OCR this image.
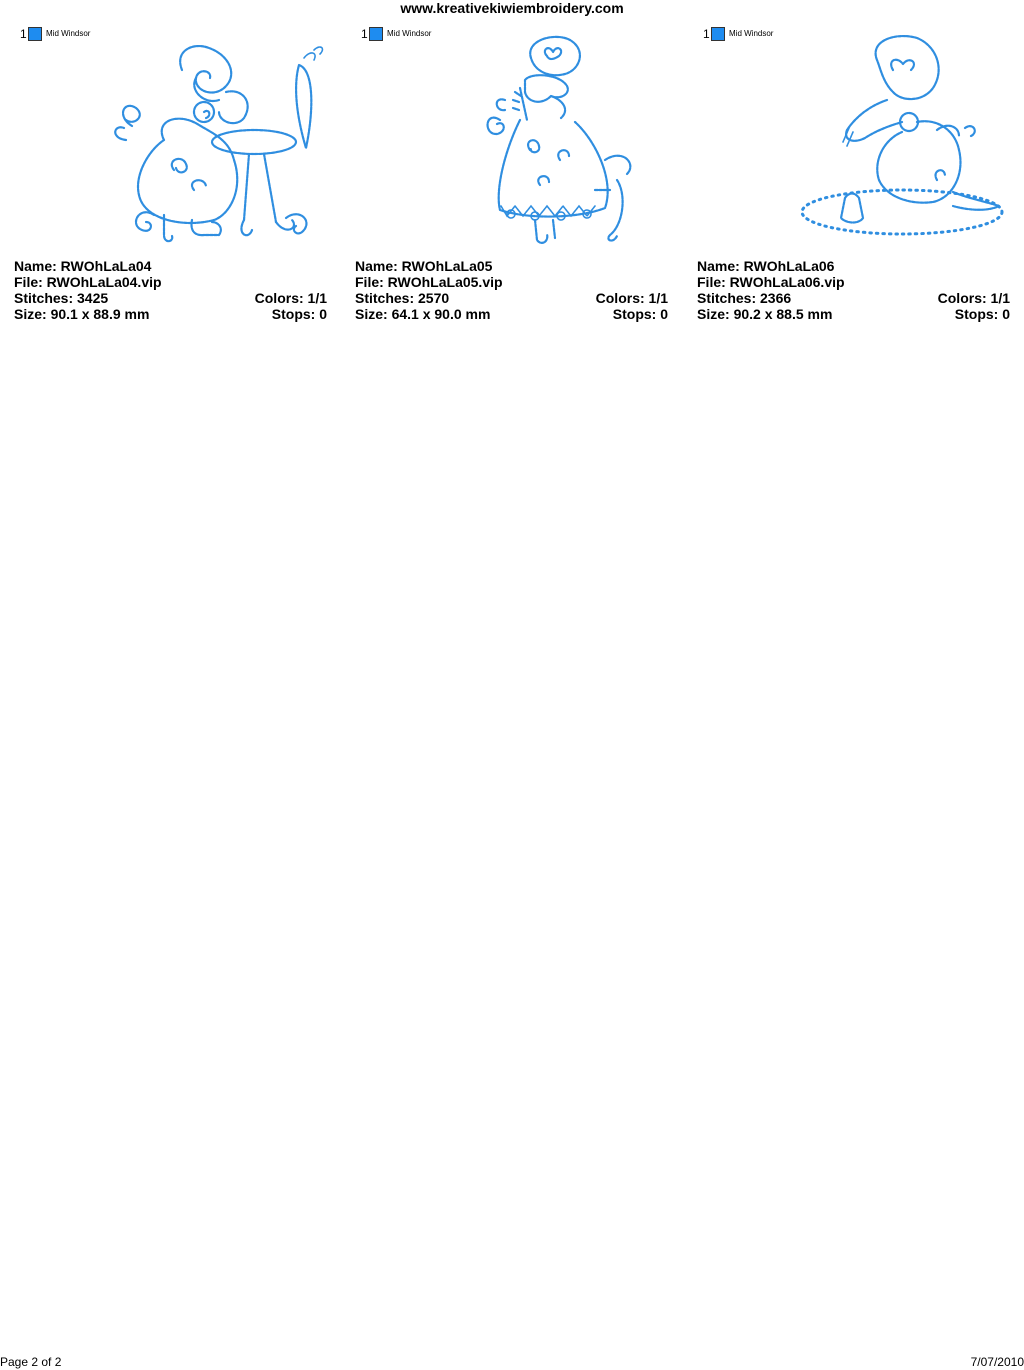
www.kreativekiwiembroidery.com
1 Mid Windsor
Name: RWOhLaLa04
File: RWOhLaLa04.vip
Stitches: 3425	Colors: 1/1
Size: 90.1 x 88.9 mm	Stops: 0
1 Mid Windsor
Name: RWOhLaLa05
File: RWOhLaLa05.vip
Stitches: 2570	Colors: 1/1
Size: 64.1 x 90.0 mm	Stops: 0
1 Mid Windsor
Name: RWOhLaLa06
File: RWOhLaLa06.vip
Stitches: 2366	Colors: 1/1
Size: 90.2 x 88.5 mm	Stops: 0
Page 2 of 2	7/07/2010
